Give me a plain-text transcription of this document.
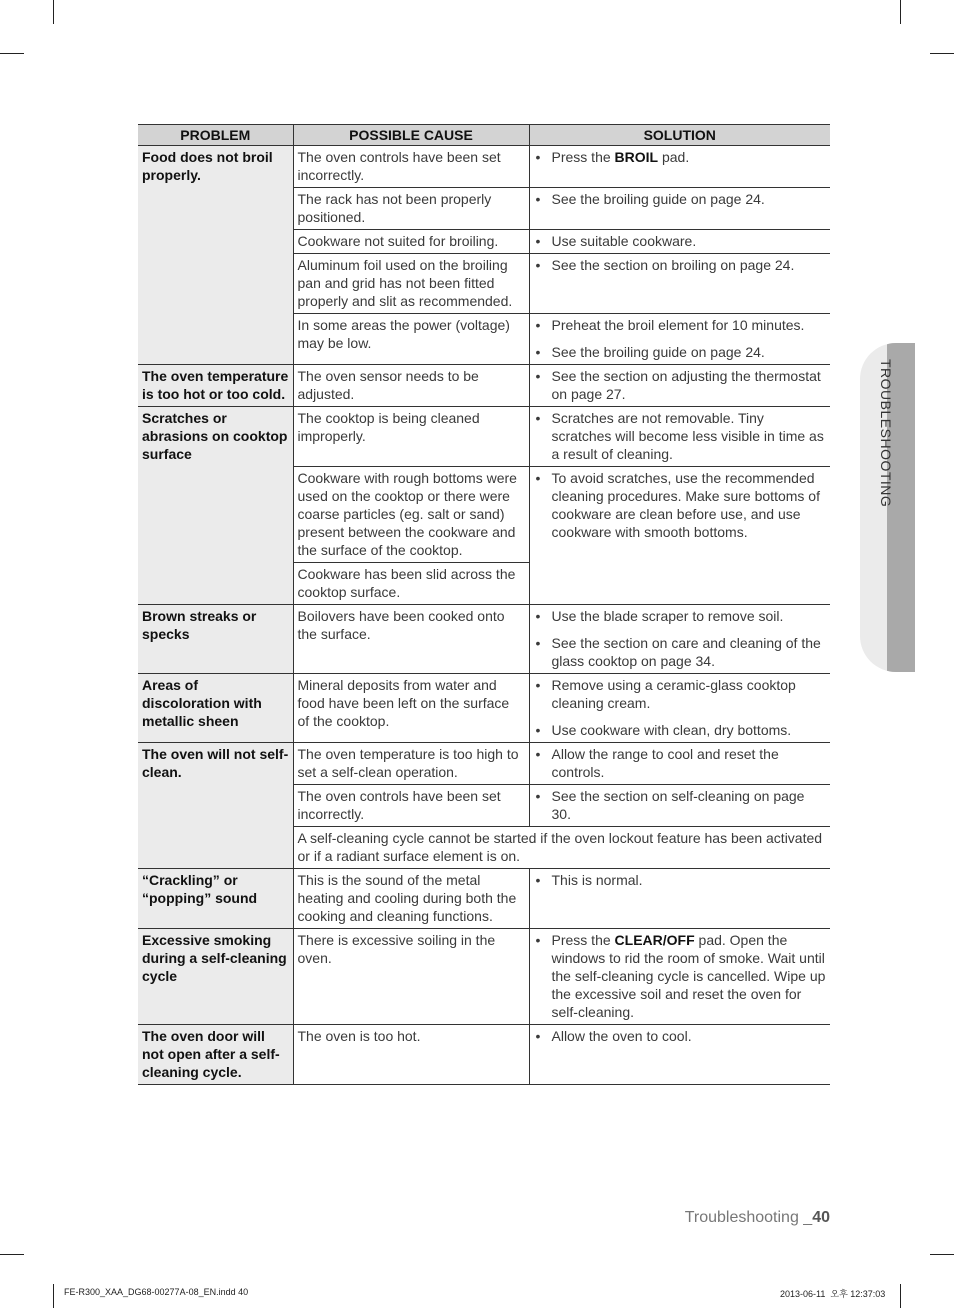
TROUBLESHOOTING
PROBLEM	POSSIBLE CAUSE	SOLUTION
Food does not broil properly.	The oven controls have been set incorrectly.	• Press the BROIL pad.

	The rack has not been properly positioned.	• See the broiling guide on page 24.

	Cookware not suited for broiling.	• Use suitable cookware.

	Aluminum foil used on the broiling pan and grid has not been fitted properly and slit as recommended.	• See the section on broiling on page 24.

	In some areas the power (voltage) may be low.	• Preheat the broil element for 10 minutes.
• See the broiling guide on page 24.

The oven temperature is too hot or too cold.	The oven sensor needs to be adjusted.	• See the section on adjusting the thermostat on page 27.

Scratches or abrasions on cooktop surface	The cooktop is being cleaned improperly.	• Scratches are not removable. Tiny scratches will become less visible in time as a result of cleaning.

	Cookware with rough bottoms were used on the cooktop or there were coarse particles (eg. salt or sand) present between the cookware and the surface of the cooktop.	• To avoid scratches, use the recommended cleaning procedures. Make sure bottoms of cookware are clean before use, and use cookware with smooth bottoms.

	Cookware has been slid across the cooktop surface.	
Brown streaks or specks	Boilovers have been cooked onto the surface.	• Use the blade scraper to remove soil.
• See the section on care and cleaning of the glass cooktop on page 34.

Areas of discoloration with metallic sheen	Mineral deposits from water and food have been left on the surface of the cooktop.	• Remove using a ceramic-glass cooktop cleaning cream.
• Use cookware with clean, dry bottoms.

The oven will not self-clean.	The oven temperature is too high to set a self-clean operation.	• Allow the range to cool and reset the controls.

	The oven controls have been set incorrectly.	• See the section on self-cleaning on page 30.

	A self-cleaning cycle cannot be started if the oven lockout feature has been activated or if a radiant surface element is on.	
“Crackling” or “popping” sound	This is the sound of the metal heating and cooling during both the cooking and cleaning functions.	• This is normal.

Excessive smoking during a self-cleaning cycle	There is excessive soiling in the oven.	• Press the CLEAR/OFF pad. Open the windows to rid the room of smoke. Wait until the self-cleaning cycle is cancelled. Wipe up the excessive soil and reset the oven for self-cleaning.

The oven door will not open after a self-cleaning cycle.	The oven is too hot.	• Allow the oven to cool.
Troubleshooting _40
FE-R300_XAA_DG68-00277A-08_EN.indd 40	2013-06-11  오후 12:37:03
